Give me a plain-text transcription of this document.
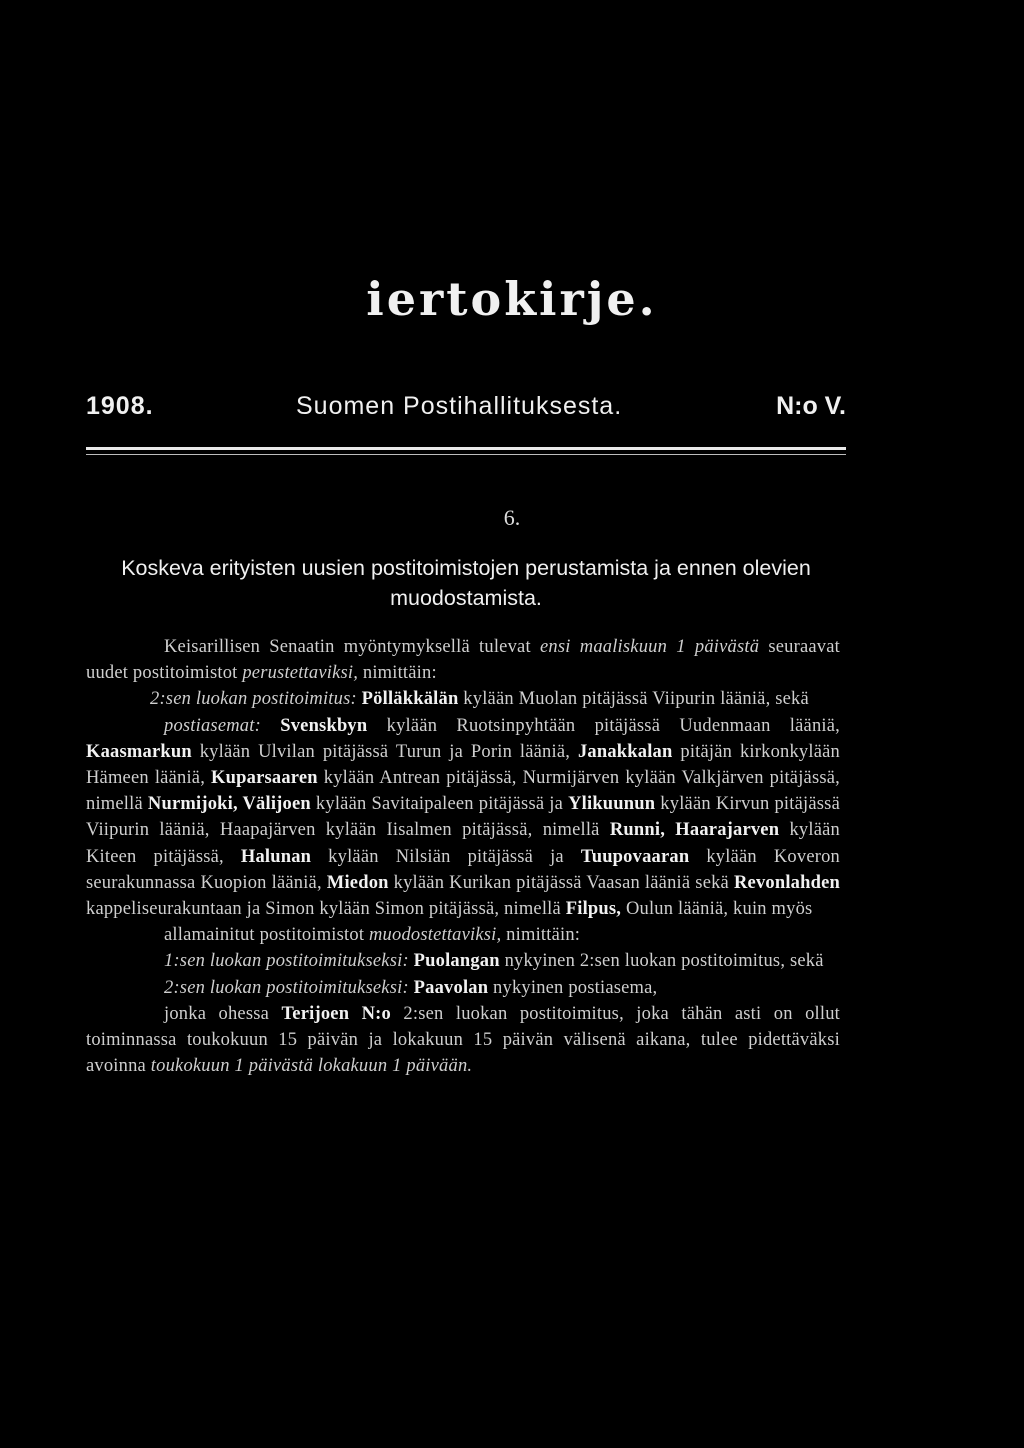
iertokirje.
1908.	Suomen Postihallituksesta.	N:o V.
6.
Koskeva erityisten uusien postitoimistojen perustamista ja ennen olevien muodostamista.

Keisarillisen Senaatin myöntymyksellä tulevat ensi maaliskuun 1 päivästä seuraavat uudet postitoimistot perustettaviksi, nimittäin:

2:sen luokan postitoimitus: Pölläkkälän kylään Muolan pitäjässä Viipurin lääniä, sekä

postiasemat: Svenskbyn kylään Ruotsinpyhtään pitäjässä Uudenmaan lääniä, Kaasmarkun kylään Ulvilan pitäjässä Turun ja Porin lääniä, Janakkalan pitäjän kirkonkylään Hämeen lääniä, Kuparsaaren kylään Antrean pitäjässä, Nurmijärven kylään Valkjärven pitäjässä, nimellä Nurmijoki, Välijoen kylään Savitaipaleen pitäjässä ja Ylikuunun kylään Kirvun pitäjässä Viipurin lääniä, Haapajärven kylään Iisalmen pitäjässä, nimellä Runni, Haarajarven kylään Kiteen pitäjässä, Halunan kylään Nilsiän pitäjässä ja Tuupovaaran kylään Koveron seurakunnassa Kuopion lääniä, Miedon kylään Kurikan pitäjässä Vaasan lääniä sekä Revonlahden kappeliseurakuntaan ja Simon kylään Simon pitäjässä, nimellä Filpus, Oulun lääniä, kuin myös

allamainitut postitoimistot muodostettaviksi, nimittäin:

1:sen luokan postitoimitukseksi: Puolangan nykyinen 2:sen luokan postitoimitus, sekä

2:sen luokan postitoimitukseksi: Paavolan nykyinen postiasema,

jonka ohessa Terijoen N:o 2:sen luokan postitoimitus, joka tähän asti on ollut toiminnassa toukokuun 15 päivän ja lokakuun 15 päivän välisenä aikana, tulee pidettäväksi avoinna toukokuun 1 päivästä lokakuun 1 päivään.
